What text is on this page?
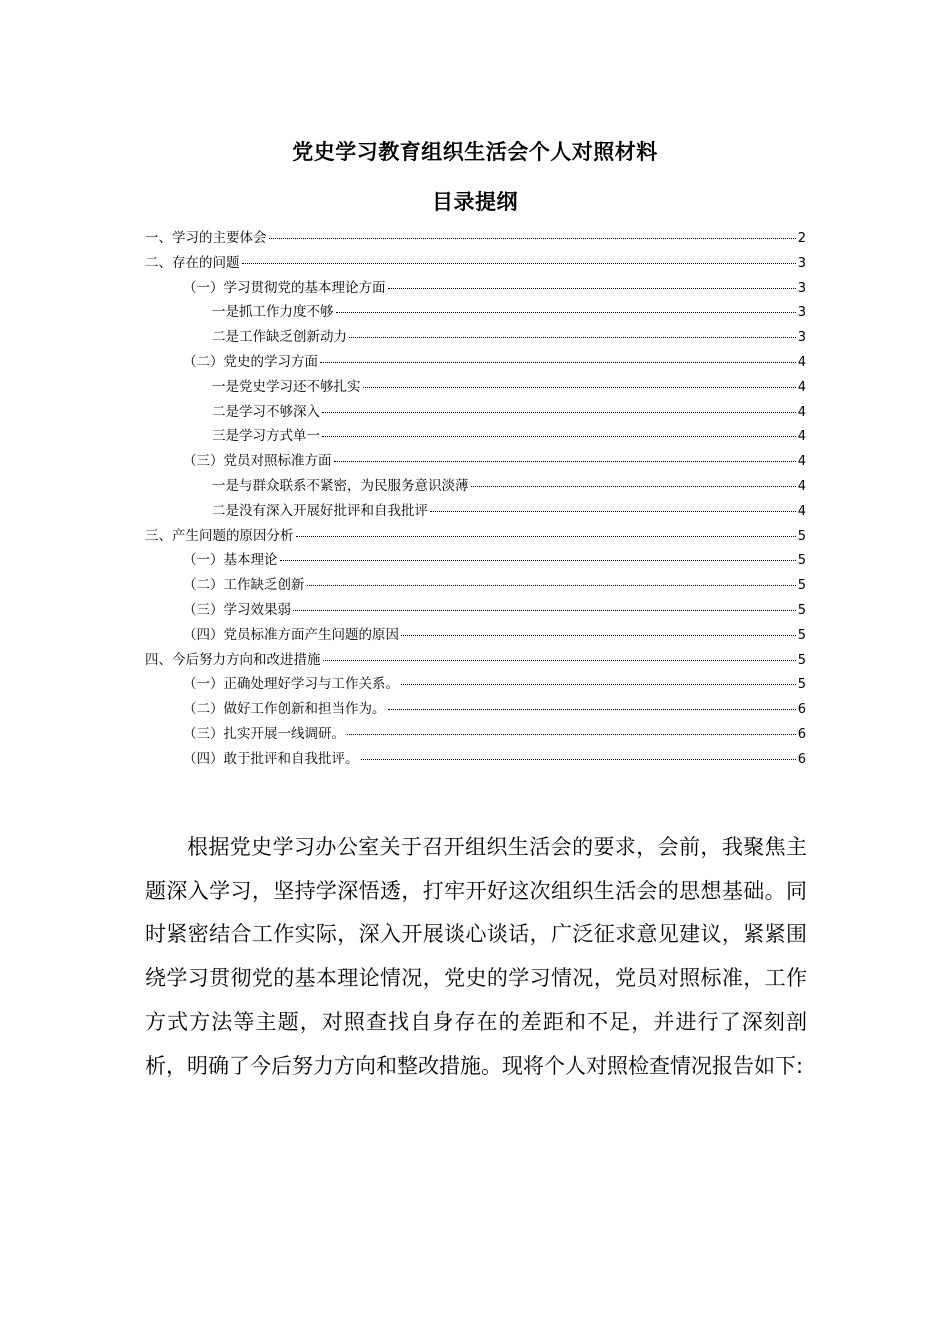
党史学习教育组织生活会个人对照材料
目录提纲
一、学习的主要体会	2
二、存在的问题	3
（一）学习贯彻党的基本理论方面	3
一是抓工作力度不够	3
二是工作缺乏创新动力	3
（二）党史的学习方面	4
一是党史学习还不够扎实	4
二是学习不够深入	4
三是学习方式单一	4
（三）党员对照标准方面	4
一是与群众联系不紧密，为民服务意识淡薄	4
二是没有深入开展好批评和自我批评	4
三、产生问题的原因分析	5
（一）基本理论	5
（二）工作缺乏创新	5
（三）学习效果弱	5
（四）党员标准方面产生问题的原因	5
四、今后努力方向和改进措施	5
（一）正确处理好学习与工作关系。	5
（二）做好工作创新和担当作为。	6
（三）扎实开展一线调研。	6
（四）敢于批评和自我批评。	6

根据党史学习办公室关于召开组织生活会的要求，会前，我聚焦主题深入学习，坚持学深悟透，打牢开好这次组织生活会的思想基础。同时紧密结合工作实际，深入开展谈心谈话，广泛征求意见建议，紧紧围绕学习贯彻党的基本理论情况，党史的学习情况，党员对照标准，工作方式方法等主题，对照查找自身存在的差距和不足，并进行了深刻剖析，明确了今后努力方向和整改措施。现将个人对照检查情况报告如下:
